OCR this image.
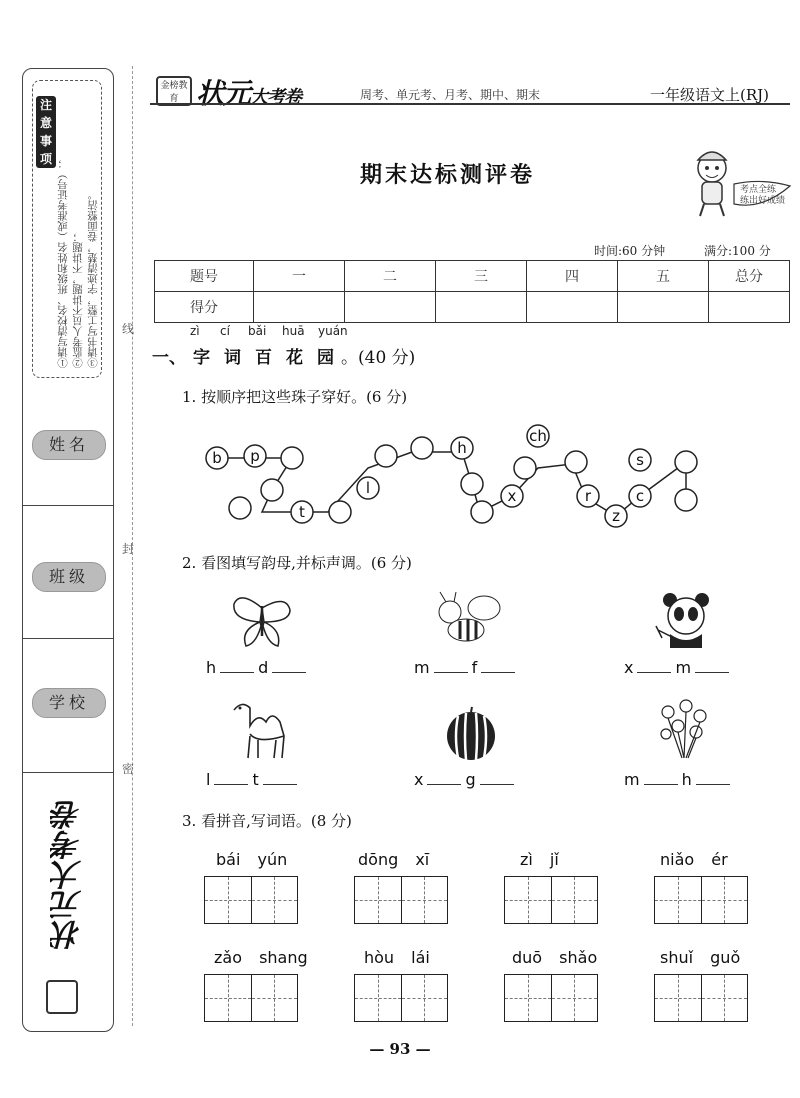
注意事项 ①请写清校名、班级和姓名（或准考证号）； ②监考人员不讲题，不讲题； ③请书写工整，字迹清楚，卷面整洁。
姓名
班级
学校
状元大考卷
线
封
密
金榜教育 状元大考卷	周考、单元考、月考、期中、期末	一年级语文上(RJ)
期末达标测评卷
考点全练
练出好成绩
时间:60 分钟	满分:100 分
题号	一	二	三	四	五	总分
得分						
zì cí bǎi huā yuán
一、 字 词 百 花 园 。(40 分)
1. 按顺序把这些珠子穿好。(6 分)
b p
t
l
h
ch
x	r
z
c
s
2. 看图填写韵母,并标声调。(6 分)
h	d	m	f	x	m
l	t	x	g	m	h
3. 看拼音,写词语。(8 分)
bái yún	dōng xī	zì jǐ	niǎo ér
zǎo shang	hòu lái	duō shǎo	shuǐ guǒ
— 93 —
